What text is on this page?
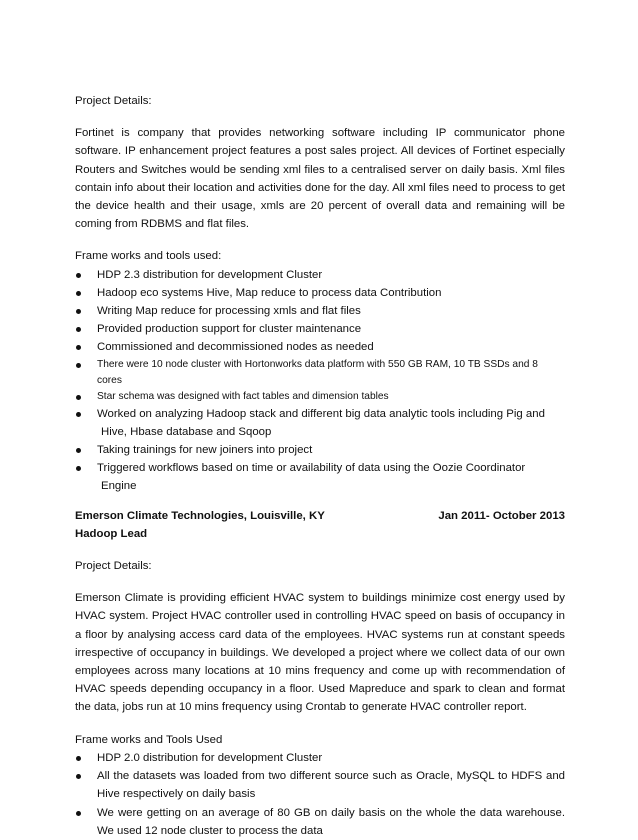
Project Details:

Fortinet is company that provides networking software including IP communicator phone software. IP enhancement project features a post sales project. All devices of Fortinet especially Routers and Switches would be sending xml files to a centralised server on daily basis. Xml files contain info about their location and activities done for the day. All xml files need to process to get the device health and their usage, xmls are 20 percent of overall data and remaining will be coming from RDBMS and flat files.

Frame works and tools used:

HDP 2.3 distribution for development Cluster
Hadoop eco systems Hive, Map reduce to process data Contribution
Writing Map reduce for processing xmls and flat files
Provided production support for cluster maintenance
Commissioned and decommissioned nodes as needed
There were 10 node cluster with Hortonworks data platform with 550 GB RAM, 10 TB SSDs and 8 cores
Star schema was designed with fact tables and dimension tables
Worked on analyzing Hadoop stack and different big data analytic tools including Pig and
Hive, Hbase database and Sqoop
Taking trainings for new joiners into project
Triggered workflows based on time or availability of data using the Oozie Coordinator
Engine
Emerson Climate Technologies, Louisville, KY	Jan 2011- October 2013

Hadoop Lead

Project Details:

Emerson Climate is providing efficient HVAC system to buildings minimize cost energy used by HVAC system. Project HVAC controller used in controlling HVAC speed on basis of occupancy in a floor by analysing access card data of the employees. HVAC systems run at constant speeds irrespective of occupancy in buildings. We developed a project where we collect data of our own employees across many locations at 10 mins frequency and come up with recommendation of HVAC speeds depending occupancy in a floor. Used Mapreduce and spark to clean and format the data, jobs run at 10 mins frequency using Crontab to generate HVAC controller report.

Frame works and Tools Used

HDP 2.0 distribution for development Cluster
All the datasets was loaded from two different source such as Oracle, MySQL to HDFS and Hive respectively on daily basis
We were getting on an average of 80 GB on daily basis on the whole the data warehouse. We used 12 node cluster to process the data
